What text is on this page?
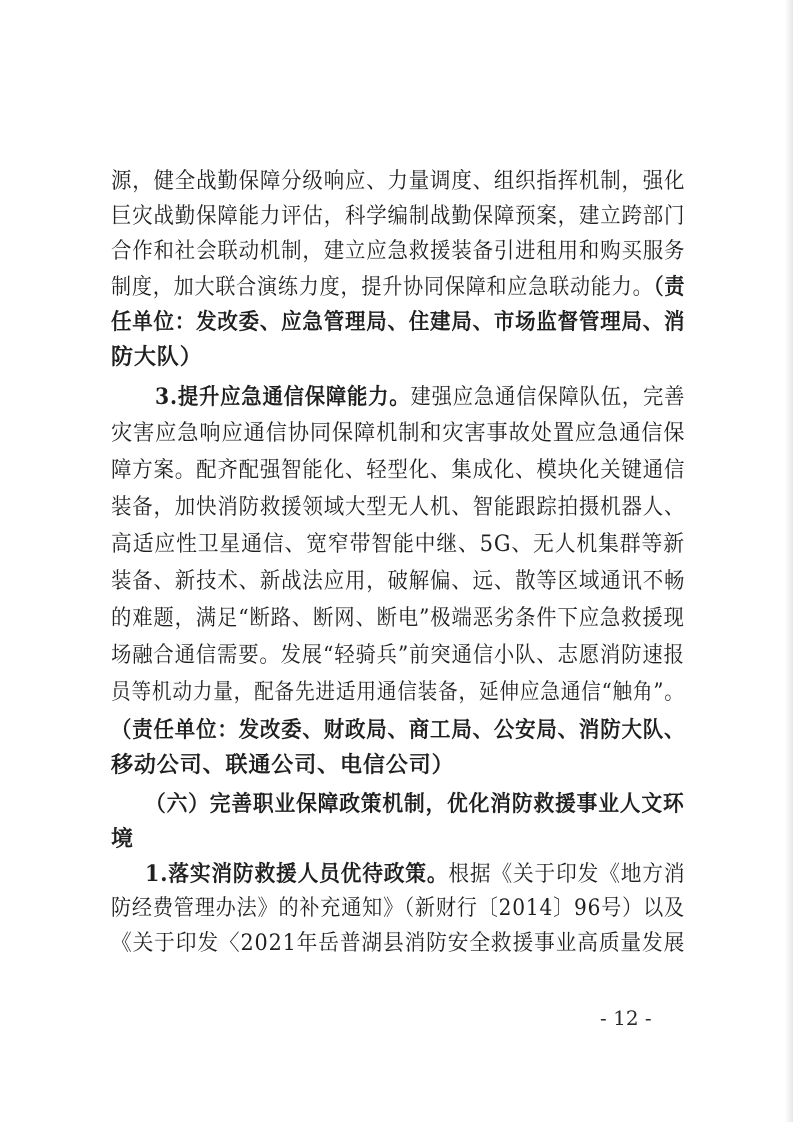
源，健全战勤保障分级响应、力量调度、组织指挥机制，强化
巨灾战勤保障能力评估，科学编制战勤保障预案，建立跨部门
合作和社会联动机制，建立应急救援装备引进租用和购买服务
制度，加大联合演练力度，提升协同保障和应急联动能力。（责
任单位：发改委、应急管理局、住建局、市场监督管理局、消
防大队）
3.提升应急通信保障能力。建强应急通信保障队伍，完善
灾害应急响应通信协同保障机制和灾害事故处置应急通信保
障方案。配齐配强智能化、轻型化、集成化、模块化关键通信
装备，加快消防救援领域大型无人机、智能跟踪拍摄机器人、
高适应性卫星通信、宽窄带智能中继、5G、无人机集群等新
装备、新技术、新战法应用，破解偏、远、散等区域通讯不畅
的难题，满足“断路、断网、断电”极端恶劣条件下应急救援现
场融合通信需要。发展“轻骑兵”前突通信小队、志愿消防速报
员等机动力量，配备先进适用通信装备，延伸应急通信“触角”。
（责任单位：发改委、财政局、商工局、公安局、消防大队、
移动公司、联通公司、电信公司）
（六）完善职业保障政策机制，优化消防救援事业人文环
境
1.落实消防救援人员优待政策。根据《关于印发《地方消
防经费管理办法》的补充通知》（新财行〔2014〕96号）以及
《关于印发〈2021年岳普湖县消防安全救援事业高质量发展
- 12 -
